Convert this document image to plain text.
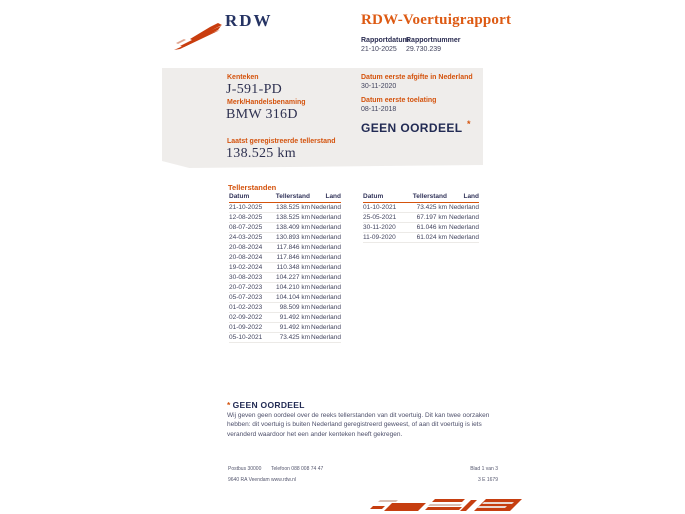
RDW	RDW-Voertuigrapport
Rapportdatum
21-10-2025
Rapportnummer
29.730.239
Kenteken
J-591-PD
Merk/Handelsbenaming
BMW 316D
Laatst geregistreerde tellerstand
138.525 km
Datum eerste afgifte in Nederland
30-11-2020
Datum eerste toelating
08-11-2018
GEEN OORDEEL *
Tellerstanden
Datum	Tellerstand	Land
21-10-2025	138.525 km	Nederland
12-08-2025	138.525 km	Nederland
08-07-2025	138.409 km	Nederland
24-03-2025	130.893 km	Nederland
20-08-2024	117.846 km	Nederland
20-08-2024	117.846 km	Nederland
19-02-2024	110.348 km	Nederland
30-08-2023	104.227 km	Nederland
20-07-2023	104.210 km	Nederland
05-07-2023	104.104 km	Nederland
01-02-2023	98.509 km	Nederland
02-09-2022	91.492 km	Nederland
01-09-2022	91.492 km	Nederland
05-10-2021	73.425 km	Nederland
Datum	Tellerstand	Land
01-10-2021	73.425 km	Nederland
25-05-2021	67.197 km	Nederland
30-11-2020	61.046 km	Nederland
11-09-2020	61.024 km	Nederland
* GEEN OORDEEL
Wij geven geen oordeel over de reeks tellerstanden van dit voertuig. Dit kan twee oorzaken hebben: dit voertuig is buiten Nederland geregistreerd geweest, of aan dit voertuig is iets veranderd waardoor het een ander kenteken heeft gekregen.
Postbus 30000
9640 RA Veendam
Telefoon 088 008 74 47
www.rdw.nl
Blad 1 van 3
3 E 1679
